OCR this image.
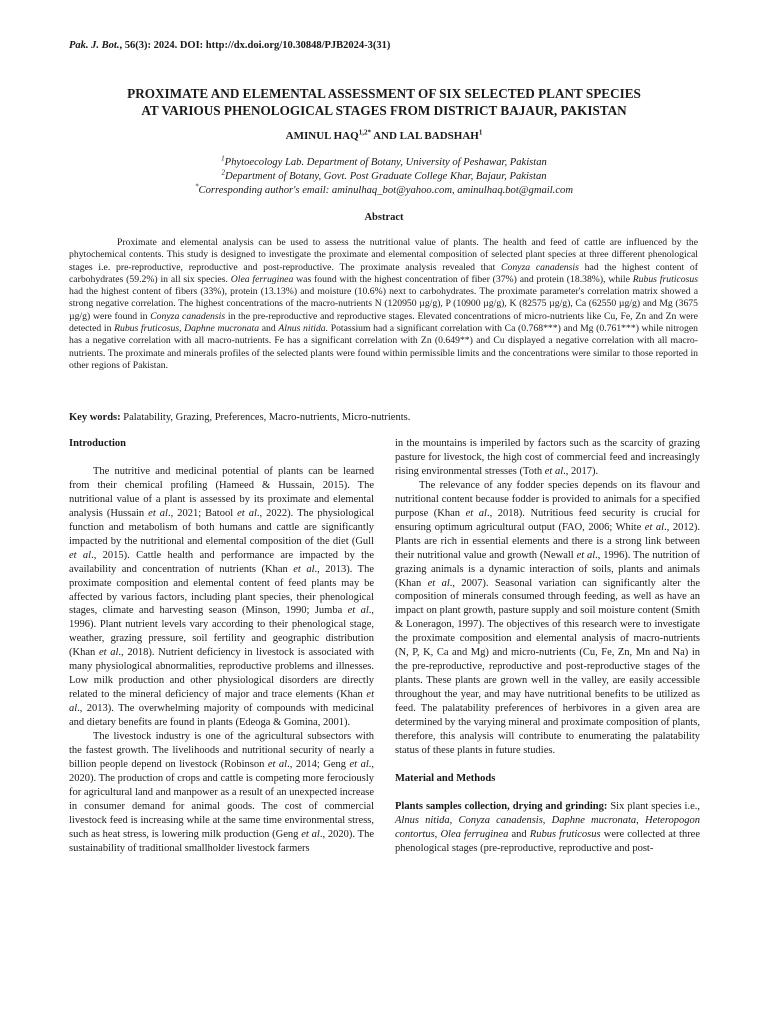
Pak. J. Bot., 56(3): 2024. DOI: http://dx.doi.org/10.30848/PJB2024-3(31)
PROXIMATE AND ELEMENTAL ASSESSMENT OF SIX SELECTED PLANT SPECIES
AT VARIOUS PHENOLOGICAL STAGES FROM DISTRICT BAJAUR, PAKISTAN
AMINUL $HAQ^{1,2*}$ AND LAL BADSHAH$^1$
$^1$Phytoecology Lab. Department of Botany, University of Peshawar, Pakistan
$^2$Department of Botany, Govt. Post Graduate College Khar, Bajaur, Pakistan
*Corresponding author's email: aminulhaq_bot@yahoo.com, aminulhaq.bot@gmail.com
Abstract

Proximate and elemental analysis can be used to assess the nutritional value of plants. The health and feed of cattle are influenced by the phytochemical contents. This study is designed to investigate the proximate and elemental composition of selected plant species at three different phenological stages i.e. pre-reproductive, reproductive and post-reproductive. The proximate analysis revealed that Conyza canadensis had the highest content of carbohydrates (59.2%) in all six species. Olea ferruginea was found with the highest concentration of fiber (37%) and protein (18.38%), while Rubus fruticosus had the highest content of fibers (33%), protein (13.13%) and moisture (10.6%) next to carbohydrates. The proximate parameter's correlation matrix showed a strong negative correlation. The highest concentrations of the macro-nutrients N (120950 µg/g), P (10900 µg/g), K (82575 µg/g), Ca (62550 µg/g) and Mg (3675 µg/g) were found in Conyza canadensis in the pre-reproductive and reproductive stages. Elevated concentrations of micro-nutrients like Cu, Fe, Zn and Zn were detected in Rubus fruticosus, Daphne mucronata and Alnus nitida. Potassium had a significant correlation with Ca (0.768***) and Mg (0.761***) while nitrogen has a negative correlation with all macro-nutrients. Fe has a significant correlation with Zn (0.649**) and Cu displayed a negative correlation with all macro-nutrients. The proximate and minerals profiles of the selected plants were found within permissible limits and the concentrations were similar to those reported in other regions of Pakistan.

Key words: Palatability, Grazing, Preferences, Macro-nutrients, Micro-nutrients.

Introduction

The nutritive and medicinal potential of plants can be learned from their chemical profiling (Hameed & Hussain, 2015). The nutritional value of a plant is assessed by its proximate and elemental analysis (Hussain et al., 2021; Batool et al., 2022). The physiological function and metabolism of both humans and cattle are significantly impacted by the nutritional and elemental composition of the diet (Gull et al., 2015). Cattle health and performance are impacted by the availability and concentration of nutrients (Khan et al., 2013). The proximate composition and elemental content of feed plants may be affected by various factors, including plant species, their phenological stages, climate and harvesting season (Minson, 1990; Jumba et al., 1996). Plant nutrient levels vary according to their phenological stage, weather, grazing pressure, soil fertility and geographic distribution (Khan et al., 2018). Nutrient deficiency in livestock is associated with many physiological abnormalities, reproductive problems and illnesses. Low milk production and other physiological disorders are directly related to the mineral deficiency of major and trace elements (Khan et al., 2013). The overwhelming majority of compounds with medicinal and dietary benefits are found in plants (Edeoga & Gomina, 2001).

The livestock industry is one of the agricultural subsectors with the fastest growth. The livelihoods and nutritional security of nearly a billion people depend on livestock (Robinson et al., 2014; Geng et al., 2020). The production of crops and cattle is competing more ferociously for agricultural land and manpower as a result of an unexpected increase in consumer demand for animal goods. The cost of commercial livestock feed is increasing while at the same time environmental stress, such as heat stress, is lowering milk production (Geng et al., 2020). The sustainability of traditional smallholder livestock farmers

in the mountains is imperiled by factors such as the scarcity of grazing pasture for livestock, the high cost of commercial feed and increasingly rising environmental stresses (Toth et al., 2017).

The relevance of any fodder species depends on its flavour and nutritional content because fodder is provided to animals for a specified purpose (Khan et al., 2018). Nutritious feed security is crucial for ensuring optimum agricultural output (FAO, 2006; White et al., 2012). Plants are rich in essential elements and there is a strong link between their nutritional value and growth (Newall et al., 1996). The nutrition of grazing animals is a dynamic interaction of soils, plants and animals (Khan et al., 2007). Seasonal variation can significantly alter the composition of minerals consumed through feeding, as well as have an impact on plant growth, pasture supply and soil moisture content (Smith & Loneragon, 1997). The objectives of this research were to investigate the proximate composition and elemental analysis of macro-nutrients (N, P, K, Ca and Mg) and micro-nutrients (Cu, Fe, Zn, Mn and Na) in the pre-reproductive, reproductive and post-reproductive stages of the plants. These plants are grown well in the valley, are easily accessible throughout the year, and may have nutritional benefits to be utilized as feed. The palatability preferences of herbivores in a given area are determined by the varying mineral and proximate composition of plants, therefore, this analysis will contribute to enumerating the palatability status of these plants in future studies.

Material and Methods

Plants samples collection, drying and grinding: Six plant species i.e., Alnus nitida, Conyza canadensis, Daphne mucronata, Heteropogon contortus, Olea ferruginea and Rubus fruticosus were collected at three phenological stages (pre-reproductive, reproductive and post-
